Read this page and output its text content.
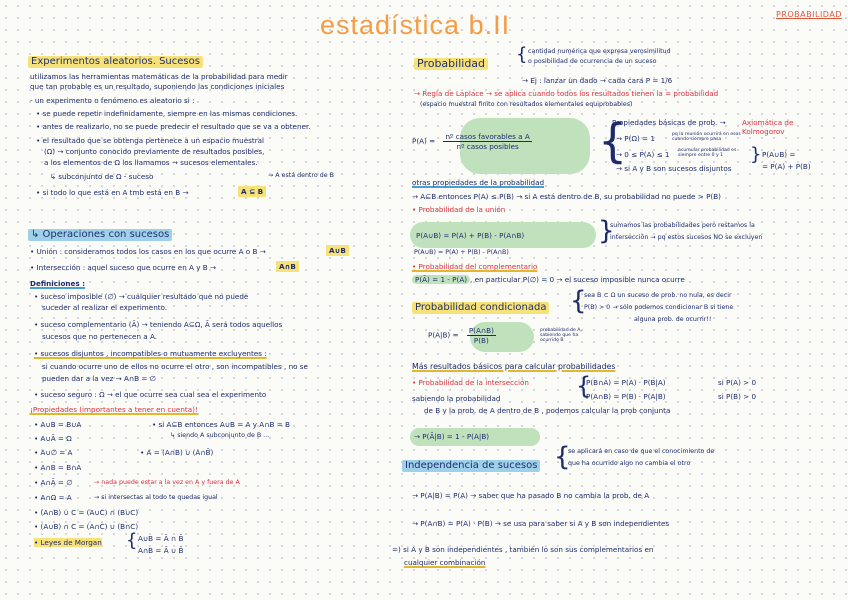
estadística b.II	PROBABILIDAD
Experimentos aleatorios. Sucesos
utilizamos las herramientas matemáticas de la probabilidad para medir
que tan probable es un resultado, suponiendo las condiciones iniciales
- un experimento o fenómeno es aleatorio si :
• se puede repetir indefinidamente, siempre en las mismas condiciones.
• antes de realizarlo, no se puede predecir el resultado que se va a obtener.
• el resultado que se obtenga pertenece a un espacio muestral
(Ω) → conjunto conocido previamente de resultados posibles,
a los elementos de Ω los llamamos → sucesos elementales.
↳ subconjunto de Ω - suceso	→ A está dentro de B
• si todo lo que está en A tmb está en B →	A ⊆ B
↳ Operaciones con sucesos
• Unión : consideramos todos los casos en los que ocurre A o B →	A∪B
• Intersección : aquel suceso que ocurre en A y B →	A∩B
Definiciones :
• suceso imposible (∅) → cualquier resultado que no puede
suceder al realizar el experimento.
• suceso complementario (Ā) → teniendo A⊆Ω, Ā será todos aquellos
sucesos que no pertenecen a A.
• sucesos disjuntos , incompatibles o mutuamente excluyentes :
si cuando ocurre uno de ellos no ocurre el otro , son incompatibles , no se
pueden dar a la vez → A∩B = ∅
• suceso seguro : Ω → el que ocurre sea cual sea el experimento
¡Propiedades (importantes a tener en cuenta)!
• A∪B = B∪A	• si A⊆B entonces A∪B = A y A∩B = B
↳ siendo A subconjunto de B ...
• A∪Ā = Ω
• A∪∅ = A	• A = (A∩B) ∪ (A∩B̄)
• A∩B = B∩A
• A∩Ā = ∅	→ nada puede estar a la vez en A y fuera de A
• A∩Ω = A	→ si intersectas al todo te quedas igual
• (A∩B) ∪ C = (A∪C) ∩ (B∪C)
• (A∪B) ∩ C = (A∩C) ∪ (B∩C)
• Leyes de Morgan { A∪B = Ā ∩ B̄
A∩B = Ā ∪ B̄
Probabilidad { cantidad numérica que expresa verosimilitud
o posibilidad de ocurrencia de un suceso
→ Ej : lanzar un dado → cada cara P = 1/6
→ Regla de Laplace → se aplica cuando todos los resultados tienen la = probabilidad
(espacio muestral finito con resultados elementales equiprobables)
$P(A) = \frac{\text{nº casos favorables a A}}{\text{nº casos posibles}}$ {
Propiedades básicas de prob. → Axiomática de Kolmogorov
→ P(Ω) = 1	pq la reunión ocurrirá en esos cuando siempre pasa
→ 0 ≤ P(A) ≤ 1 acumular probabilidad es siempre entre 0 y 1
→ si A y B son sucesos disjuntos
} P(A∪B) =
= P(A) + P(B)
otras propiedades de la probabilidad
→ A⊆B entonces P(A) ≤ P(B) → si A está dentro de B, su probabilidad no puede > P(B)
• Probabilidad de la unión
P(A∪B) = P(A) + P(B) - P(A∩B)	}
sumamos las probabilidades pero restamos la
intersección → pq estos sucesos NO se excluyen
P(A∪B) = P(A) + P(B) - P(A∩B)
• Probabilidad del complementario
P(Ā) = 1 - P(A) , en particular P(∅) = 0 → el suceso imposible nunca ocurre
Probabilidad condicionada {
sea B ⊂ Ω un suceso de prob. no nula, es decir
P(B) > 0 → sólo podemos condicionar B si tiene
alguna prob. de ocurrir!!
$P(A|B) = \frac{P(A\cap B)}{P(B)}$	probabilidad de A, sabiendo que ha ocurrido B
Más resultados básicos para calcular probabilidades
• Probabilidad de la intersección {
P(B∩A) = P(A) · P(B|A)	si P(A) > 0
P(A∩B) = P(B) · P(A|B)	si P(B) > 0
sabiendo la probabilidad
de B y la prob. de A dentro de B , podemos calcular la prob conjunta
→ P(Ā|B) = 1 - P(A|B)
Independencia de sucesos {
se aplicará en caso de que el conocimiento de
que ha ocurrido algo no cambia el otro
→ P(A|B) = P(A) → saber que ha pasado B no cambia la prob. de A
→ P(A∩B) = P(A) · P(B) → se usa para saber si A y B son independientes
=) si A y B son independientes , también lo son sus complementarios en
cualquier combinación
